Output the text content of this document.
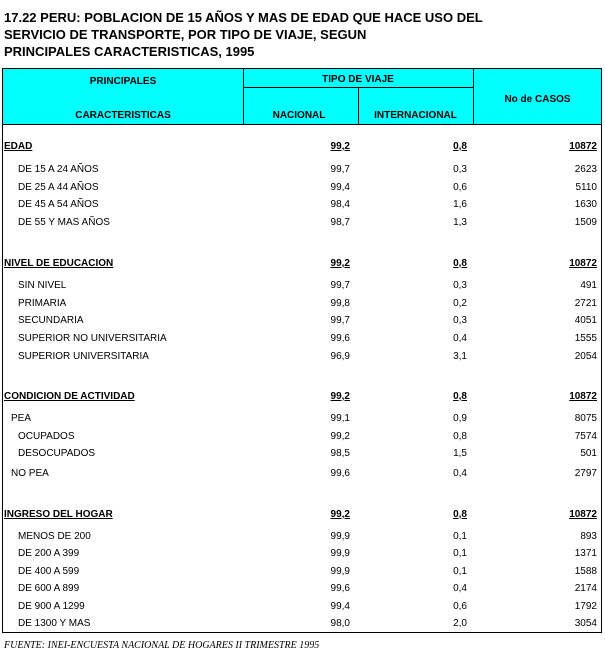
17.22 PERU: POBLACION DE 15 AÑOS Y MAS DE EDAD QUE HACE USO DEL
SERVICIO DE TRANSPORTE, POR TIPO DE VIAJE, SEGUN
PRINCIPALES CARACTERISTICAS, 1995
PRINCIPALES
CARACTERISTICAS
TIPO DE VIAJE
NACIONAL	INTERNACIONAL
No de CASOS
EDAD	99,2	0,8	10872
DE 15 A 24 AÑOS	99,7	0,3	2623
DE 25 A 44 AÑOS	99,4	0,6	5110
DE 45 A 54 AÑOS	98,4	1,6	1630
DE 55 Y MAS AÑOS	98,7	1,3	1509
NIVEL DE EDUCACION	99,2	0,8	10872
SIN NIVEL	99,7	0,3	491
PRIMARIA	99,8	0,2	2721
SECUNDARIA	99,7	0,3	4051
SUPERIOR NO UNIVERSITARIA	99,6	0,4	1555
SUPERIOR UNIVERSITARIA	96,9	3,1	2054
CONDICION DE ACTIVIDAD	99,2	0,8	10872
PEA	99,1	0,9	8075
OCUPADOS	99,2	0,8	7574
DESOCUPADOS	98,5	1,5	501
NO PEA	99,6	0,4	2797
INGRESO DEL HOGAR	99,2	0,8	10872
MENOS DE 200	99,9	0,1	893
DE 200 A 399	99,9	0,1	1371
DE 400 A 599	99,9	0,1	1588
DE 600 A 899	99,6	0,4	2174
DE 900 A 1299	99,4	0,6	1792
DE 1300 Y MAS	98,0	2,0	3054
FUENTE: INEI-ENCUESTA NACIONAL DE HOGARES II TRIMESTRE 1995
